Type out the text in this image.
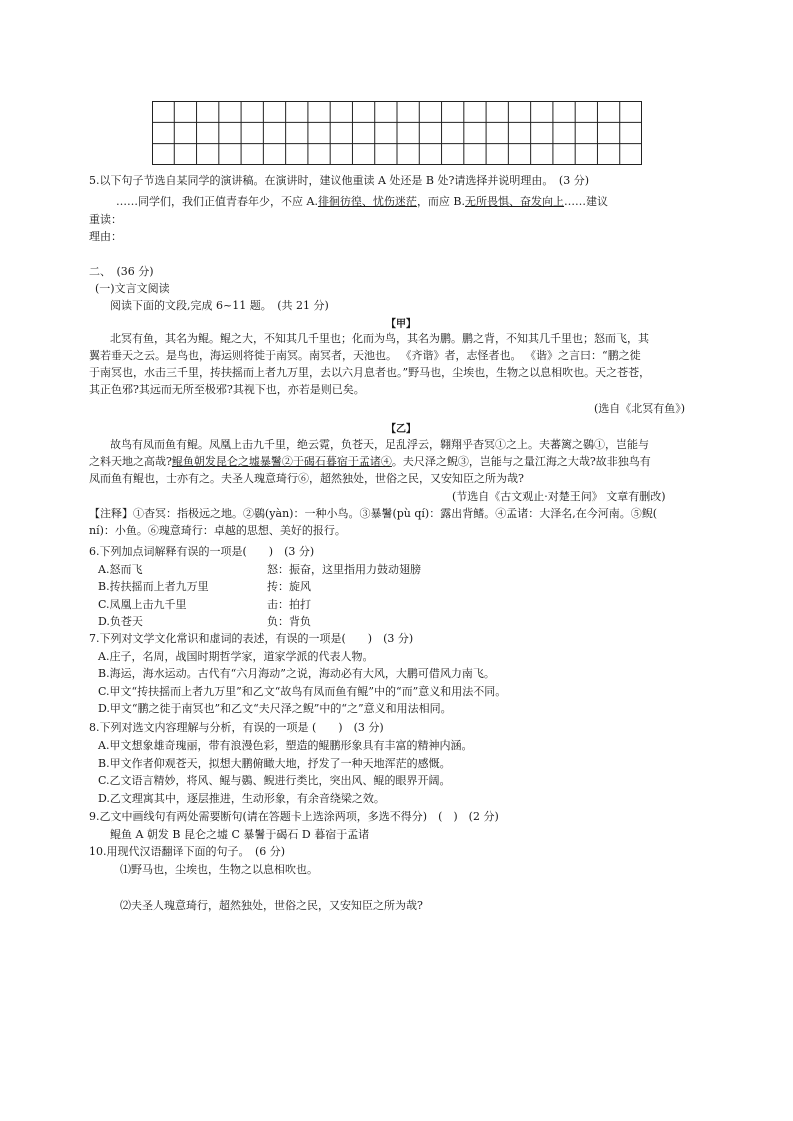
5.以下句子节选自某同学的演讲稿。在演讲时，建议他重读 A 处还是 B 处?请选择并说明理由。　(3 分)
……同学们，我们正值青春年少，不应 A.徘徊彷徨、忧伤迷茫，而应 B.无所畏惧、奋发向上……建议
重读：
理由：
二、　(36 分)
(一)文言文阅读
阅读下面的文段,完成 6~11 题。　(共 21 分)
【甲】
北冥有鱼，其名为鲲。鲲之大，不知其几千里也；化而为鸟，其名为鹏。鹏之背，不知其几千里也；怒而飞，其
翼若垂天之云。是鸟也，海运则将徙于南冥。南冥者，天池也。 《齐谐》者，志怪者也。 《谐》之言曰：“鹏之徙
于南冥也，水击三千里，抟扶摇而上者九万里，去以六月息者也。”野马也，尘埃也，生物之以息相吹也。天之苍苍，
其正色邪?其远而无所至极邪?其视下也，亦若是则已矣。
(选自《北冥有鱼》)
【乙】
故鸟有凤而鱼有鲲。凤凰上击九千里，绝云霓，负苍天，足乱浮云，翱翔乎杳冥①之上。夫蕃篱之鷃①，岂能与
之料天地之高哉?鲲鱼朝发昆仑之墟暴鬐②于碣石暮宿于孟诸④。夫尺泽之鲵③，岂能与之量江海之大哉?故非独鸟有
凤而鱼有鲲也，士亦有之。夫圣人瑰意琦行⑥，超然独处，世俗之民，又安知臣之所为哉?
(节选自《古文观止·对楚王问》 文章有删改)
【注释】①杳冥：指极远之地。②鷃(yàn)：一种小鸟。③暴鬐(pù qí)：露出背鳍。④孟诸：大泽名,在今河南。⑤鲵(
ní)：小鱼。⑥瑰意琦行：卓越的思想、美好的报行。
6.下列加点词解释有误的一项是(　　)　(3 分)
A.怒而飞	怒：振奋，这里指用力鼓动翅膀
B.抟扶摇而上者九万里	抟：旋风
C.凤凰上击九千里	击：拍打
D.负苍天	负：背负
7.下列对文学文化常识和虚词的表述，有误的一项是(　　)　(3 分)
A.庄子，名周，战国时期哲学家，道家学派的代表人物。
B.海运，海水运动。古代有“六月海动”之说，海动必有大风，大鹏可借风力南飞。
C.甲文“抟扶摇而上者九万里”和乙文“故鸟有凤而鱼有鲲”中的“而”意义和用法不同。
D.甲文“鹏之徙于南冥也”和乙文“夫尺泽之鲵”中的“之”意义和用法相同。
8.下列对选文内容理解与分析，有误的一项是 (　　)　(3 分)
A.甲文想象雄奇瑰丽，带有浪漫色彩，塑造的鲲鹏形象具有丰富的精神内涵。
B.甲文作者仰观苍天，拟想大鹏俯瞰大地，抒发了一种天地浑茫的感慨。
C.乙文语言精妙，将风、鲲与鷃、鲵进行类比，突出风、鲲的眼界开阔。
D.乙文理寓其中，逐层推进，生动形象，有余音绕梁之效。
9.乙文中画线句有两处需要断句(请在答题卡上选涂两项，多选不得分)　(　)　(2 分)
鲲鱼 A 朝发 B 昆仑之墟 C 暴鬐于碣石 D 暮宿于孟诸
10.用现代汉语翻译下面的句子。　(6 分)
⑴野马也，尘埃也，生物之以息相吹也。
⑵夫圣人瑰意琦行，超然独处，世俗之民，又安知臣之所为哉?
